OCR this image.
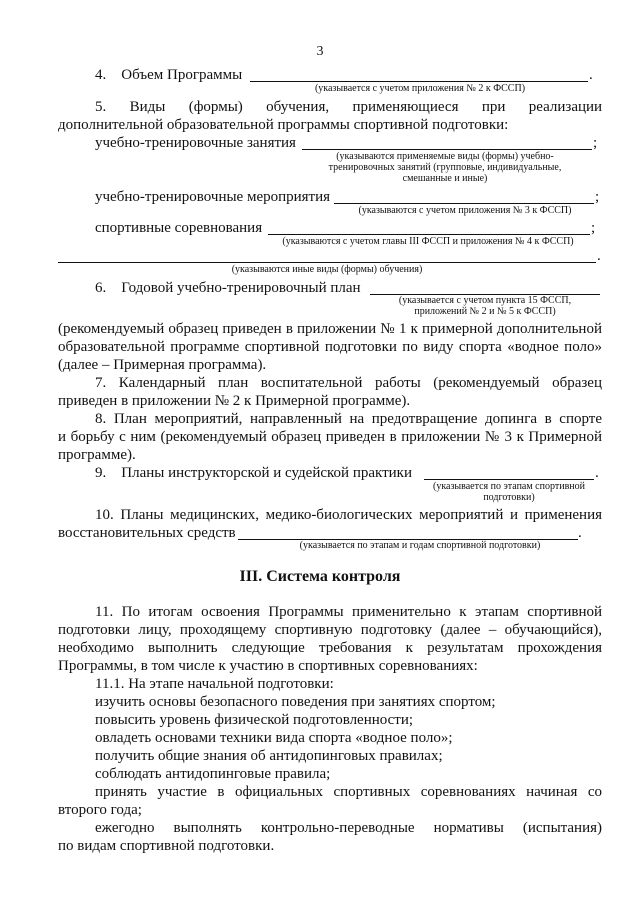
3
4. Объем Программы	.
(указывается с учетом приложения № 2 к ФССП)
5. Виды (формы) обучения, применяющиеся при реализации
дополнительной образовательной программы спортивной подготовки:
учебно-тренировочные занятия	;
(указываются применяемые виды (формы) учебно-
тренировочных занятий (групповые, индивидуальные,
смешанные и иные)
учебно-тренировочные мероприятия	;
(указываются с учетом приложения № 3 к ФССП)
спортивные соревнования	;
(указываются с учетом главы III ФССП и приложения № 4 к ФССП)
.
(указываются иные виды (формы) обучения)
6. Годовой учебно-тренировочный план
(указывается с учетом пункта 15 ФССП,
приложений № 2 и № 5 к ФССП)
(рекомендуемый образец приведен в приложении № 1 к примерной дополнительной
образовательной программе спортивной подготовки по виду спорта «водное поло»
(далее – Примерная программа).
7. Календарный план воспитательной работы (рекомендуемый образец
приведен в приложении № 2 к Примерной программе).
8. План мероприятий, направленный на предотвращение допинга в спорте
и борьбу с ним (рекомендуемый образец приведен в приложении № 3 к Примерной
программе).
9. Планы инструкторской и судейской практики	.
(указывается по этапам спортивной
подготовки)
10. Планы медицинских, медико-биологических мероприятий и применения
восстановительных средств	.
(указывается по этапам и годам спортивной подготовки)
III. Система контроля
11. По итогам освоения Программы применительно к этапам спортивной
подготовки лицу, проходящему спортивную подготовку (далее – обучающийся),
необходимо выполнить следующие требования к результатам прохождения
Программы, в том числе к участию в спортивных соревнованиях:
11.1. На этапе начальной подготовки:
изучить основы безопасного поведения при занятиях спортом;
повысить уровень физической подготовленности;
овладеть основами техники вида спорта «водное поло»;
получить общие знания об антидопинговых правилах;
соблюдать антидопинговые правила;
принять участие в официальных спортивных соревнованиях начиная со
второго года;
ежегодно выполнять контрольно-переводные нормативы (испытания)
по видам спортивной подготовки.
